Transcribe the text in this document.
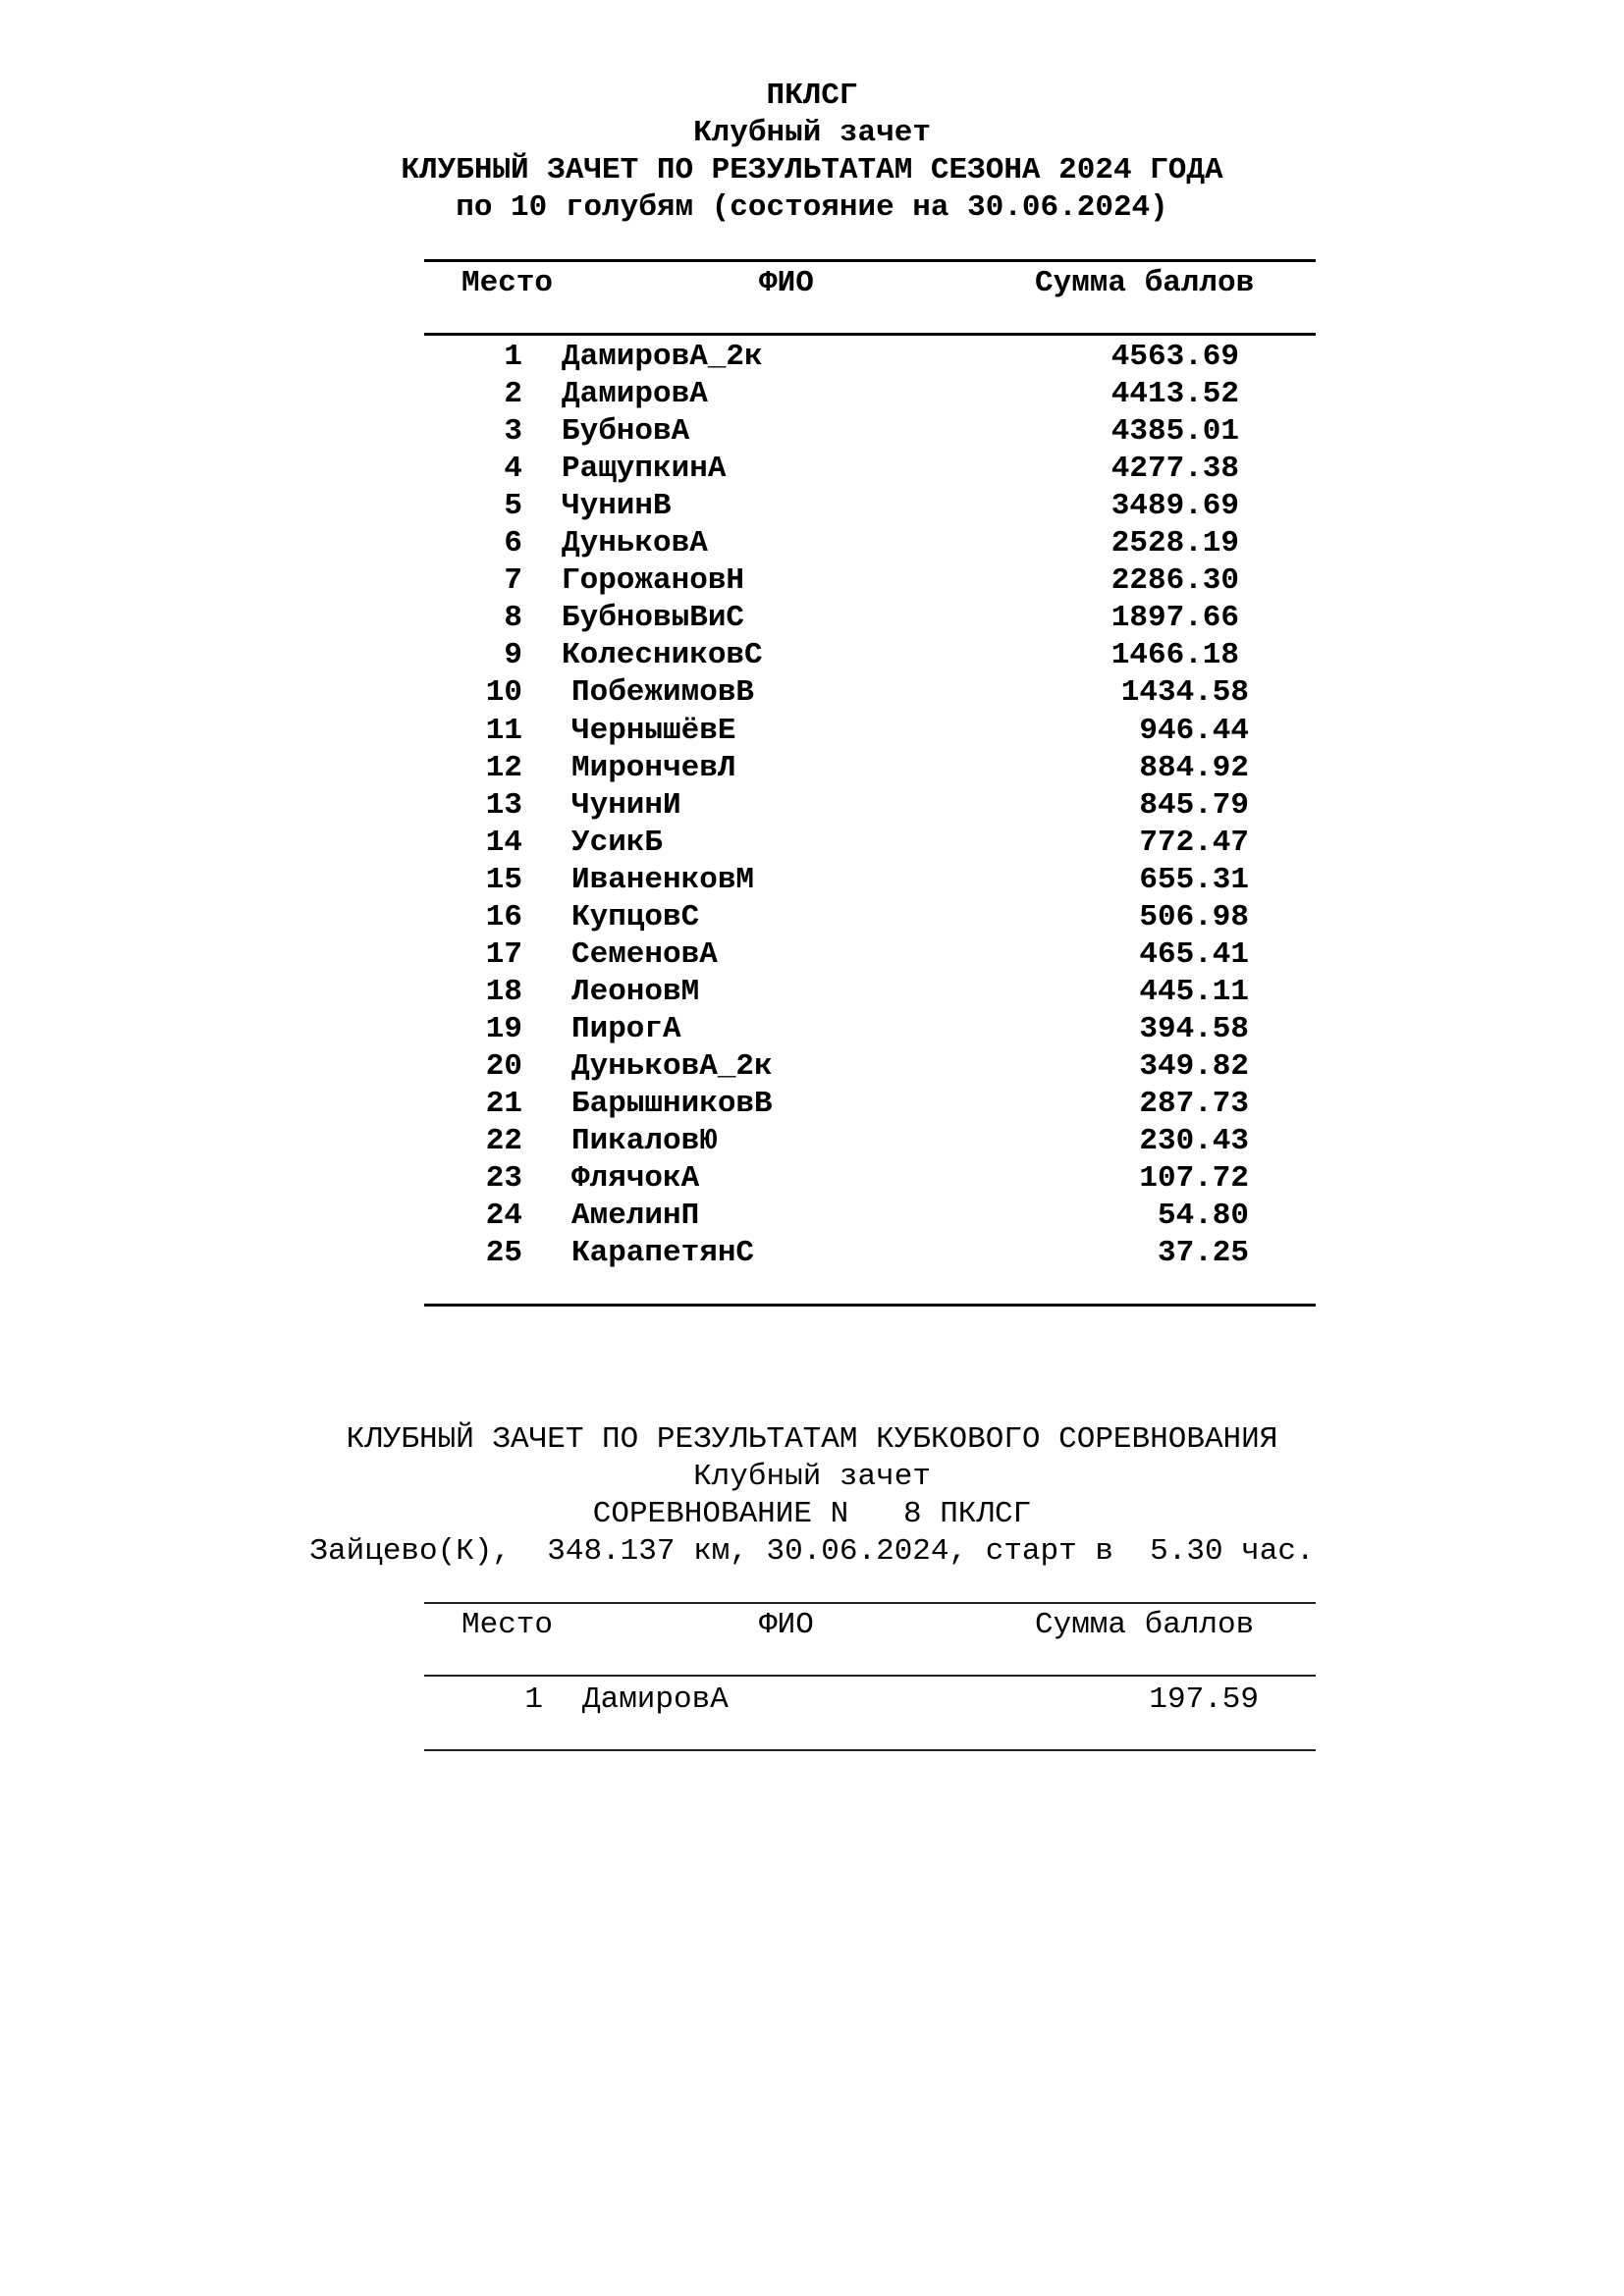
ПКЛСГ
Клубный зачет
КЛУБНЫЙ ЗАЧЕТ ПО РЕЗУЛЬТАТАМ СЕЗОНА 2024 ГОДА
по 10 голубям (состояние на 30.06.2024)
Место	ФИО	Сумма баллов
1 ДамировА_2к	4563.69
2 ДамировА	4413.52
3 БубновА	4385.01
4 РащупкинА	4277.38
5 ЧунинВ	3489.69
6 ДуньковА	2528.19
7 ГорожановН	2286.30
8 БубновыВиС	1897.66
9 КолесниковС	1466.18
10 ПобежимовВ	1434.58
11 ЧернышёвЕ	946.44
12 МирончевЛ	884.92
13 ЧунинИ	845.79
14 УсикБ	772.47
15 ИваненковМ	655.31
16 КупцовС	506.98
17 СеменовА	465.41
18 ЛеоновМ	445.11
19 ПирогА	394.58
20 ДуньковА_2к	349.82
21 БарышниковВ	287.73
22 ПикаловЮ	230.43
23 ФлячокА	107.72
24 АмелинП	54.80
25 КарапетянС	37.25
КЛУБНЫЙ ЗАЧЕТ ПО РЕЗУЛЬТАТАМ КУБКОВОГО СОРЕВНОВАНИЯ
Клубный зачет
СОРЕВНОВАНИЕ N   8 ПКЛСГ
Зайцево(К),  348.137 км, 30.06.2024, старт в  5.30 час.
Место	ФИО	Сумма баллов
1 ДамировА	197.59
